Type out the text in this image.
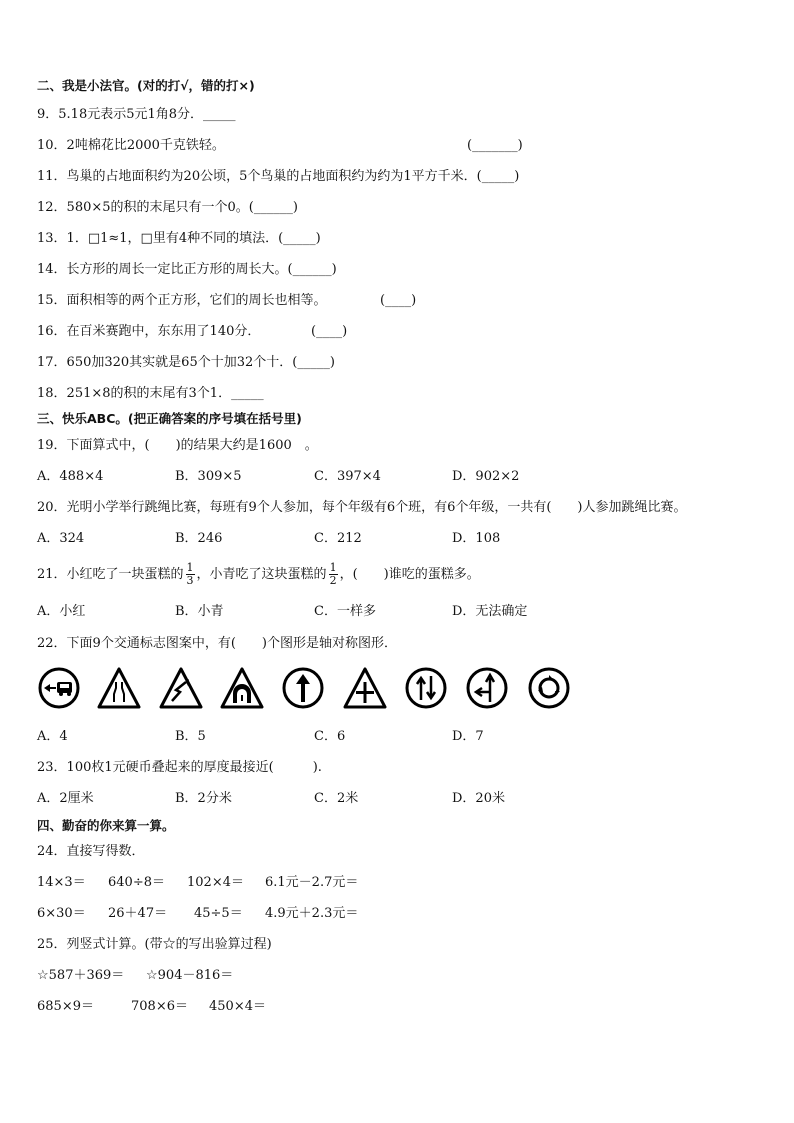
二、我是小法官。(对的打√，错的打×)
9．5.18元表示5元1角8分．_____
10．2吨棉花比2000千克铁轻。	(_______)
11．鸟巢的占地面积约为20公顷，5个鸟巢的占地面积约为约为1平方千米．(_____)
12．580×5的积的末尾只有一个0。(______)
13．1．□1≈1，□里有4种不同的填法．(_____)
14．长方形的周长一定比正方形的周长大。(______)
15．面积相等的两个正方形，它们的周长也相等。	(____)
16．在百米赛跑中，东东用了140分．	(____)
17．650加320其实就是65个十加32个十．(_____)
18．251×8的积的末尾有3个1．_____
三、快乐ABC。(把正确答案的序号填在括号里)
19．下面算式中，(　　)的结果大约是1600　。
A．488×4	B．309×5	C．397×4	D．902×2
20．光明小学举行跳绳比赛，每班有9个人参加，每个年级有6个班，有6个年级，一共有(　　)人参加跳绳比赛。
A．324	B．246	C．212	D．108
21．小红吃了一块蛋糕的 $\frac{1}{3}$ ，小青吃了这块蛋糕的 $\frac{1}{2}$ ，(　　)谁吃的蛋糕多。
A．小红	B．小青	C．一样多	D．无法确定
22．下面9个交通标志图案中，有(　　)个图形是轴对称图形．
A．4	B．5	C．6	D．7
23．100枚1元硬币叠起来的厚度最接近(　　　).
A．2厘米	B．2分米	C．2米	D．20米
四、勤奋的你来算一算。
24．直接写得数．
14×3＝ 640÷8＝ 102×4＝ 6.1元－2.7元＝
6×30＝ 26＋47＝ 45÷5＝ 4.9元＋2.3元＝
25．列竖式计算。(带☆的写出验算过程)
☆587＋369＝ ☆904－816＝
685×9＝	708×6＝ 450×4＝
